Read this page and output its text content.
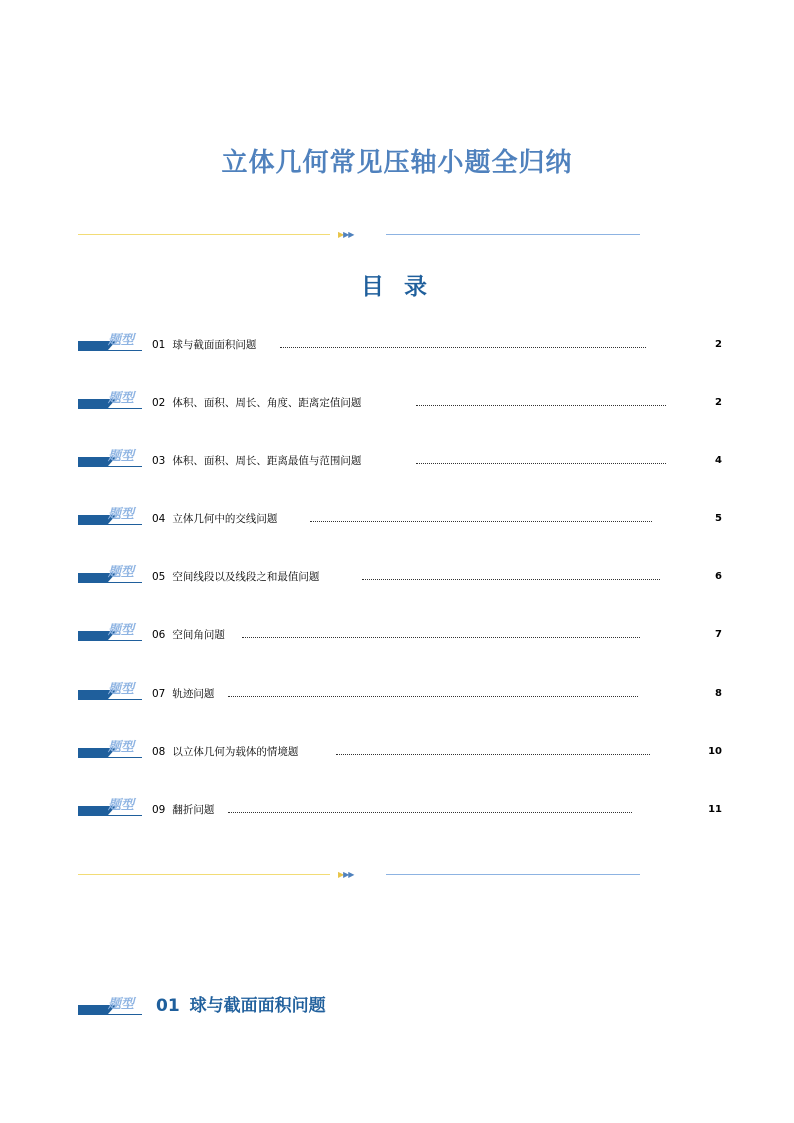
立体几何常见压轴小题全归纳
▶▶▶
目 录
题型 01 球与截面面积问题	2
题型 02 体积、面积、周长、角度、距离定值问题	2
题型 03 体积、面积、周长、距离最值与范围问题	4
题型 04 立体几何中的交线问题	5
题型 05 空间线段以及线段之和最值问题	6
题型 06 空间角问题	7
题型 07 轨迹问题	8
题型 08 以立体几何为载体的情境题	10
题型 09 翻折问题	11
▶▶▶
题型 01 球与截面面积问题
